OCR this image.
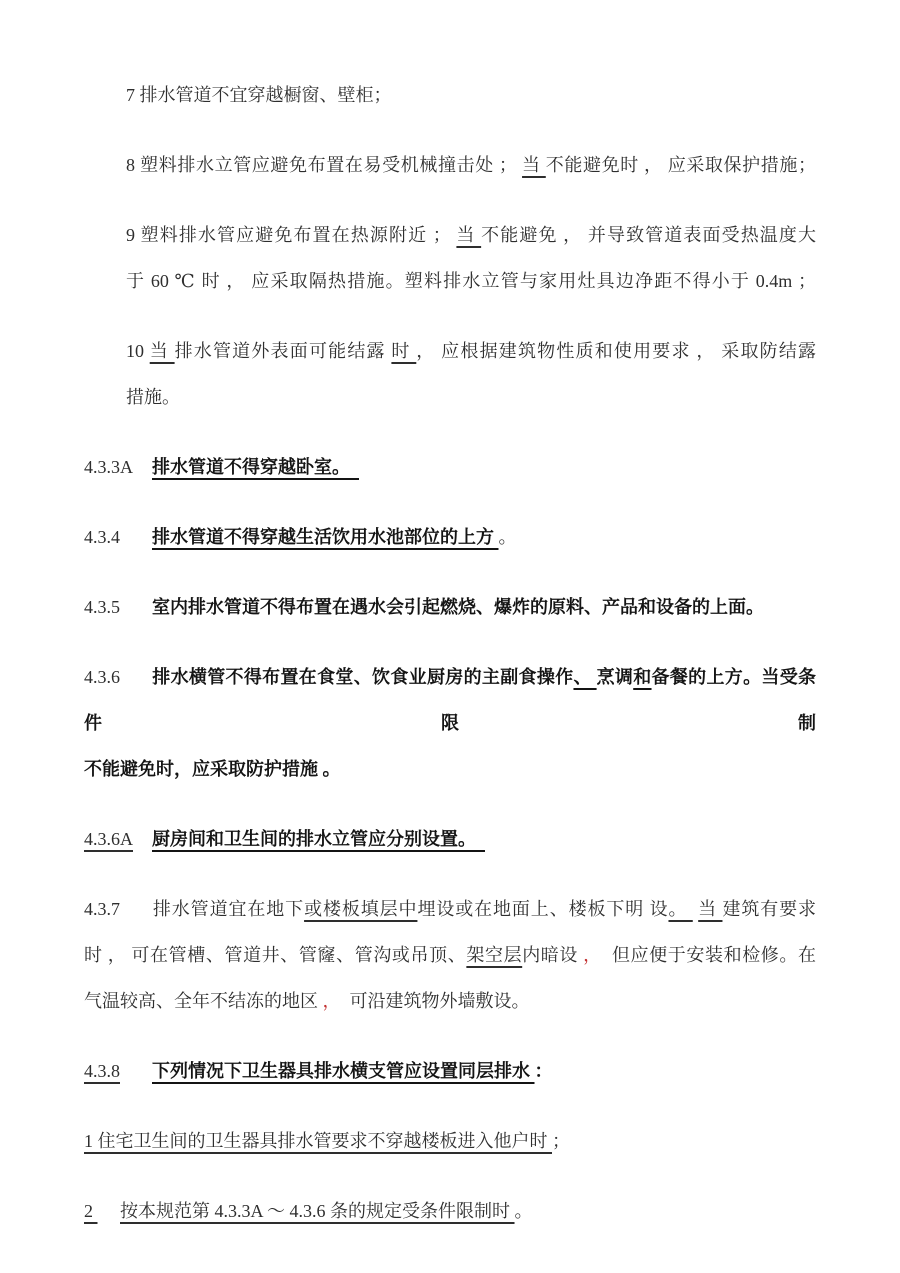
7 排水管道不宜穿越橱窗、壁柜；
8 塑料排水立管应避免布置在易受机械撞击处 ； 当 不能避免时 ， 应采取保护措施；
9 塑料排水管应避免布置在热源附近 ； 当 不能避免 ， 并导致管道表面受热温度大
于 60 ℃ 时 ， 应采取隔热措施。塑料排水立管与家用灶具边净距不得小于 0.4m ；
10 当 排水管道外表面可能结露 时 ， 应根据建筑物性质和使用要求 ， 采取防结露
措施。
4.3.3A 排水管道不得穿越卧室。　
4.3.4 排水管道不得穿越生活饮用水池部位的上方 。
4.3.5 室内排水管道不得布置在遇水会引起燃烧、爆炸的原料、产品和设备的上面。
4.3.6 排水横管不得布置在食堂、饮食业厨房的主副食操作、 烹调和备餐的上方。当受条件限制
不能避免时，应采取防护措施 。
4.3.6A 厨房间和卫生间的排水立管应分别设置。　
4.3.7 排水管道宜在地下或楼板填层中埋设或在地面上、楼板下明 设。  当 建筑有要求
时 ， 可在管槽、管道井、管窿、管沟或吊顶、架空层内暗设 ，  但应便于安装和检修。在
气温较高、全年不结冻的地区 ，  可沿建筑物外墙敷设。
4.3.8 下列情况下卫生器具排水横支管应设置同层排水 ：
1 住宅卫生间的卫生器具排水管要求不穿越楼板进入他户时 ；
2 　 按本规范第 4.3.3A ～ 4.3.6 条的规定受条件限制时 。
